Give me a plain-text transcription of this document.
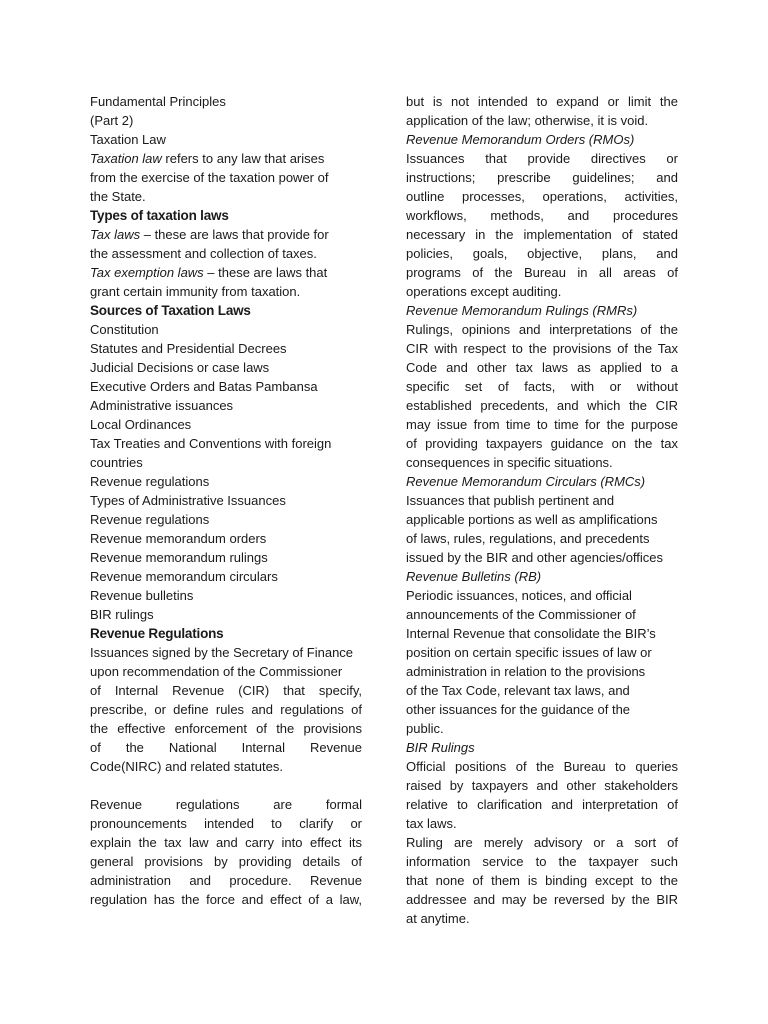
Fundamental Principles
(Part 2)
Taxation Law
Taxation law refers to any law that arises
from the exercise of the taxation power of
the State.
Types of taxation laws
Tax laws – these are laws that provide for
the assessment and collection of taxes.
Tax exemption laws – these are laws that
grant certain immunity from taxation.
Sources of Taxation Laws
Constitution
Statutes and Presidential Decrees
Judicial Decisions or case laws
Executive Orders and Batas Pambansa
Administrative issuances
Local Ordinances
Tax Treaties and Conventions with foreign
countries
Revenue regulations
Types of Administrative Issuances
Revenue regulations
Revenue memorandum orders
Revenue memorandum rulings
Revenue memorandum circulars
Revenue bulletins
BIR rulings
Revenue Regulations
Issuances signed by the Secretary of Finance
upon recommendation of the Commissioner
of Internal Revenue (CIR) that specify,
prescribe, or define rules and regulations of
the effective enforcement of the provisions
of the National Internal Revenue
Code(NIRC) and related statutes.
Revenue regulations are formal
pronouncements intended to clarify or
explain the tax law and carry into effect its
general provisions by providing details of
administration and procedure. Revenue
regulation has the force and effect of a law,
but is not intended to expand or limit the
application of the law; otherwise, it is void.
Revenue Memorandum Orders (RMOs)
Issuances that provide directives or
instructions; prescribe guidelines; and
outline processes, operations, activities,
workflows, methods, and procedures
necessary in the implementation of stated
policies, goals, objective, plans, and
programs of the Bureau in all areas of
operations except auditing.
Revenue Memorandum Rulings (RMRs)
Rulings, opinions and interpretations of the
CIR with respect to the provisions of the Tax
Code and other tax laws as applied to a
specific set of facts, with or without
established precedents, and which the CIR
may issue from time to time for the purpose
of providing taxpayers guidance on the tax
consequences in specific situations.
Revenue Memorandum Circulars (RMCs)
Issuances that publish pertinent and
applicable portions as well as amplifications
of laws, rules, regulations, and precedents
issued by the BIR and other agencies/offices
Revenue Bulletins (RB)
Periodic issuances, notices, and official
announcements of the Commissioner of
Internal Revenue that consolidate the BIR’s
position on certain specific issues of law or
administration in relation to the provisions
of the Tax Code, relevant tax laws, and
other issuances for the guidance of the
public.
BIR Rulings
Official positions of the Bureau to queries
raised by taxpayers and other stakeholders
relative to clarification and interpretation of
tax laws.
Ruling are merely advisory or a sort of
information service to the taxpayer such
that none of them is binding except to the
addressee and may be reversed by the BIR
at anytime.
